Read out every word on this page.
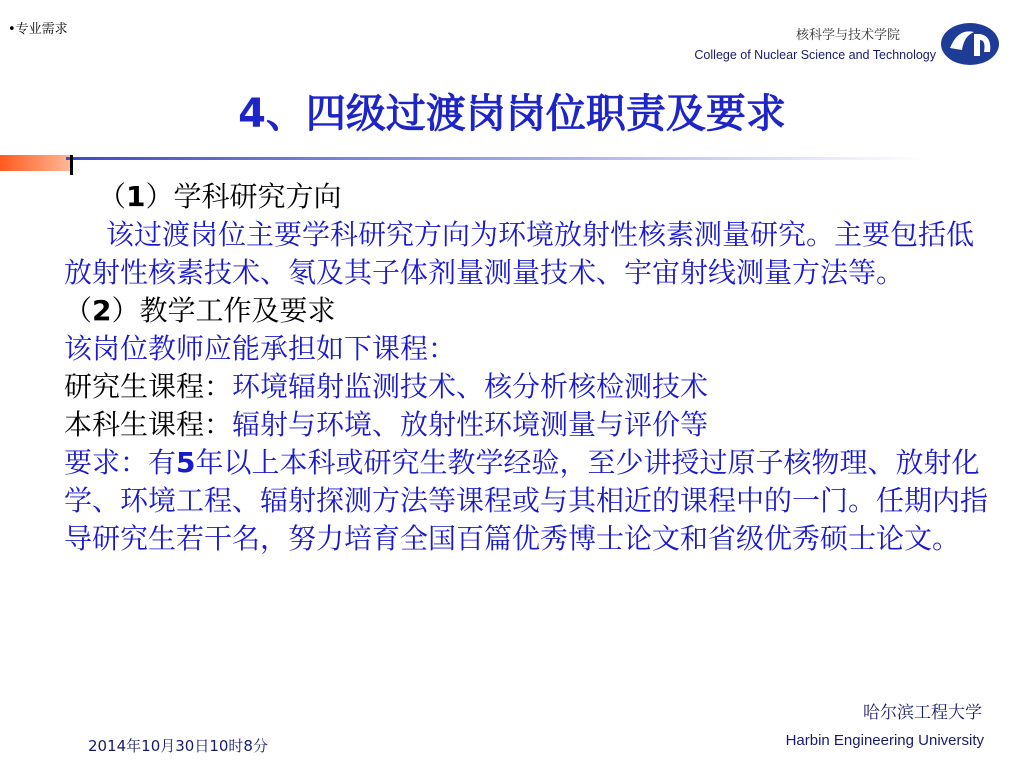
•专业需求	核科学与技术学院
College of Nuclear Science and Technology
4、四级过渡岗岗位职责及要求

（1）学科研究方向

该过渡岗位主要学科研究方向为环境放射性核素测量研究。主要包括低放射性核素技术、氡及其子体剂量测量技术、宇宙射线测量方法等。

（2）教学工作及要求

该岗位教师应能承担如下课程：

研究生课程：环境辐射监测技术、核分析核检测技术

本科生课程：辐射与环境、放射性环境测量与评价等

要求：有5年以上本科或研究生教学经验，至少讲授过原子核物理、放射化学、环境工程、辐射探测方法等课程或与其相近的课程中的一门。任期内指导研究生若干名，努力培育全国百篇优秀博士论文和省级优秀硕士论文。

2014年10月30日10时8分
哈尔滨工程大学
Harbin Engineering University
